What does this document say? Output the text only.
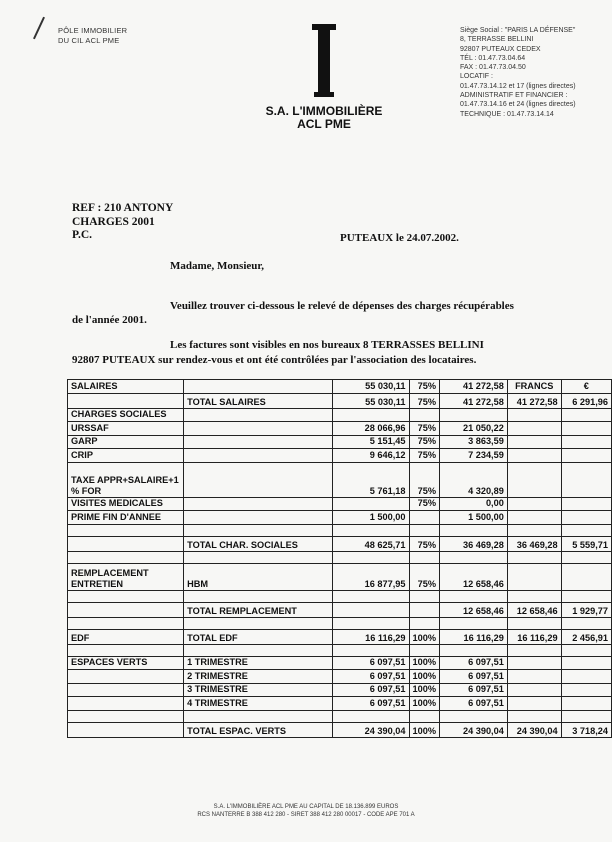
PÔLE IMMOBILIER
DU CIL ACL PME
S.A. L'IMMOBILIÈRE
ACL PME
Siège Social : "PARIS LA DÉFENSE"
8, TERRASSE BELLINI
92807 PUTEAUX CEDEX
TÉL : 01.47.73.04.64
FAX : 01.47.73.04.50
LOCATIF :
01.47.73.14.12 et 17 (lignes directes)
ADMINISTRATIF ET FINANCIER :
01.47.73.14.16 et 24 (lignes directes)
TECHNIQUE : 01.47.73.14.14
REF : 210 ANTONY
CHARGES 2001
P.C.	PUTEAUX le 24.07.2002.
Madame, Monsieur,
Veuillez trouver ci-dessous le relevé de dépenses des charges récupérables
de l'année 2001.
Les factures sont visibles en nos bureaux 8 TERRASSES BELLINI
92807 PUTEAUX sur rendez-vous et ont été contrôlées par l'association des locataires.
SALAIRES		55 030,11	75%	41 272,58	FRANCS	€
	TOTAL SALAIRES	55 030,11	75%	41 272,58	41 272,58	6 291,96
CHARGES SOCIALES						
URSSAF		28 066,96	75%	21 050,22		
GARP		5 151,45	75%	3 863,59		
CRIP		9 646,12	75%	7 234,59		
TAXE APPR+SALAIRE+1 % FOR		5 761,18	75%	4 320,89		
VISITES MEDICALES			75%	0,00		
PRIME FIN D'ANNEE		1 500,00		1 500,00		

	TOTAL CHAR. SOCIALES	48 625,71	75%	36 469,28	36 469,28	5 559,71

REMPLACEMENT ENTRETIEN	HBM	16 877,95	75%	12 658,46		

	TOTAL REMPLACEMENT			12 658,46	12 658,46	1 929,77

EDF	TOTAL EDF	16 116,29	100%	16 116,29	16 116,29	2 456,91

ESPACES VERTS	1 TRIMESTRE	6 097,51	100%	6 097,51		
	2 TRIMESTRE	6 097,51	100%	6 097,51		
	3 TRIMESTRE	6 097,51	100%	6 097,51		
	4 TRIMESTRE	6 097,51	100%	6 097,51		

	TOTAL ESPAC. VERTS	24 390,04	100%	24 390,04	24 390,04	3 718,24
S.A. L'IMMOBILIÈRE ACL PME AU CAPITAL DE 18.136.899 EUROS
RCS NANTERRE B 388 412 280 - SIRET 388 412 280 00017 - CODE APE 701 A
